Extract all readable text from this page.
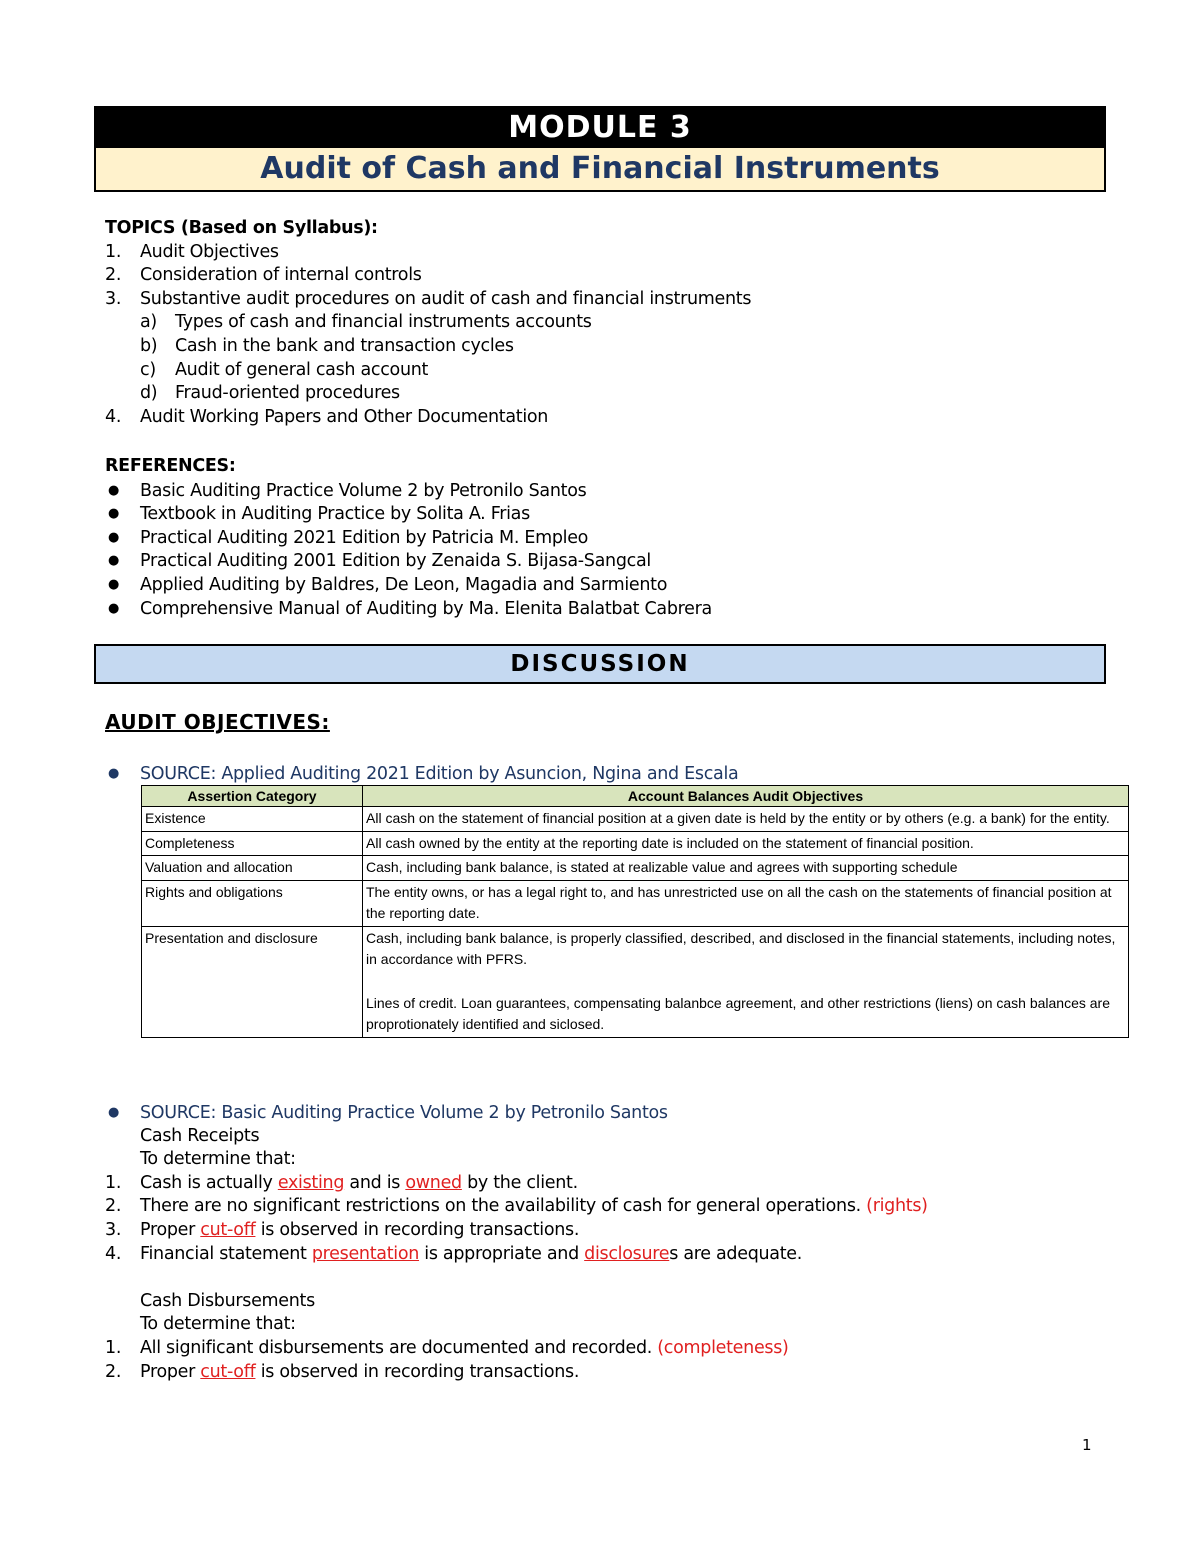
MODULE 3
Audit of Cash and Financial Instruments
TOPICS (Based on Syllabus):
1. Audit Objectives
2. Consideration of internal controls
3. Substantive audit procedures on audit of cash and financial instruments
a) Types of cash and financial instruments accounts
b) Cash in the bank and transaction cycles
c) Audit of general cash account
d) Fraud-oriented procedures
4. Audit Working Papers and Other Documentation
REFERENCES:
● Basic Auditing Practice Volume 2 by Petronilo Santos
● Textbook in Auditing Practice by Solita A. Frias
● Practical Auditing 2021 Edition by Patricia M. Empleo
● Practical Auditing 2001 Edition by Zenaida S. Bijasa-Sangcal
● Applied Auditing by Baldres, De Leon, Magadia and Sarmiento
● Comprehensive Manual of Auditing by Ma. Elenita Balatbat Cabrera
DISCUSSION
AUDIT OBJECTIVES:
● SOURCE: Applied Auditing 2021 Edition by Asuncion, Ngina and Escala
Assertion Category	Account Balances Audit Objectives
Existence	All cash on the statement of financial position at a given date is held by the entity or by others (e.g. a bank) for the entity.
Completeness	All cash owned by the entity at the reporting date is included on the statement of financial position.
Valuation and allocation	Cash, including bank balance, is stated at realizable value and agrees with supporting schedule
Rights and obligations	The entity owns, or has a legal right to, and has unrestricted use on all the cash on the statements of financial position at the reporting date.
Presentation and disclosure	Cash, including bank balance, is properly classified, described, and disclosed in the financial statements, including notes, in accordance with PFRS.
Lines of credit. Loan guarantees, compensating balanbce agreement, and other restrictions (liens) on cash balances are proprotionately identified and siclosed.
● SOURCE: Basic Auditing Practice Volume 2 by Petronilo Santos
Cash Receipts
To determine that:
1. Cash is actually existing and is owned by the client.
2. There are no significant restrictions on the availability of cash for general operations. (rights)
3. Proper cut-off is observed in recording transactions.
4. Financial statement presentation is appropriate and disclosures are adequate.
Cash Disbursements
To determine that:
1. All significant disbursements are documented and recorded. (completeness)
2. Proper cut-off is observed in recording transactions.
1
